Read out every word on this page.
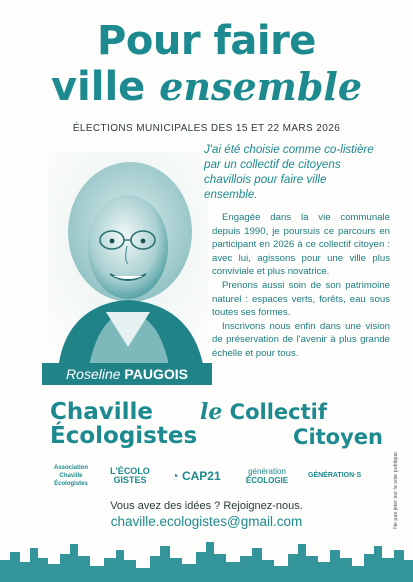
Pour faire
ville ensemble
ÉLECTIONS MUNICIPALES DES 15 ET 22 MARS 2026
Roseline PAUGOIS
J'ai été choisie comme co-listière par un collectif de citoyens chavillois pour faire ville ensemble.

Engagée dans la vie communale depuis 1990, je poursuis ce parcours en participant en 2026 à ce collectif citoyen : avec lui, agissons pour une ville plus conviviale et plus novatrice.

Prenons aussi soin de son patrimoine naturel : espaces verts, forêts, eau sous toutes ses formes.

Inscrivons nous enfin dans une vision de préservation de l'avenir à plus grande échelle et pour tous.

Chaville
Écologistes
le Collectif
Citoyen
Association
Chaville
Écologistes
L'ÉCOLO
GISTES	◔ CAP21	génération
ÉCOLOGIE
GÉNÉRATION·S
Vous avez des idées ? Rejoignez-nous.
chaville.ecologistes@gmail.com	Ne pas jeter sur la voie publique.
